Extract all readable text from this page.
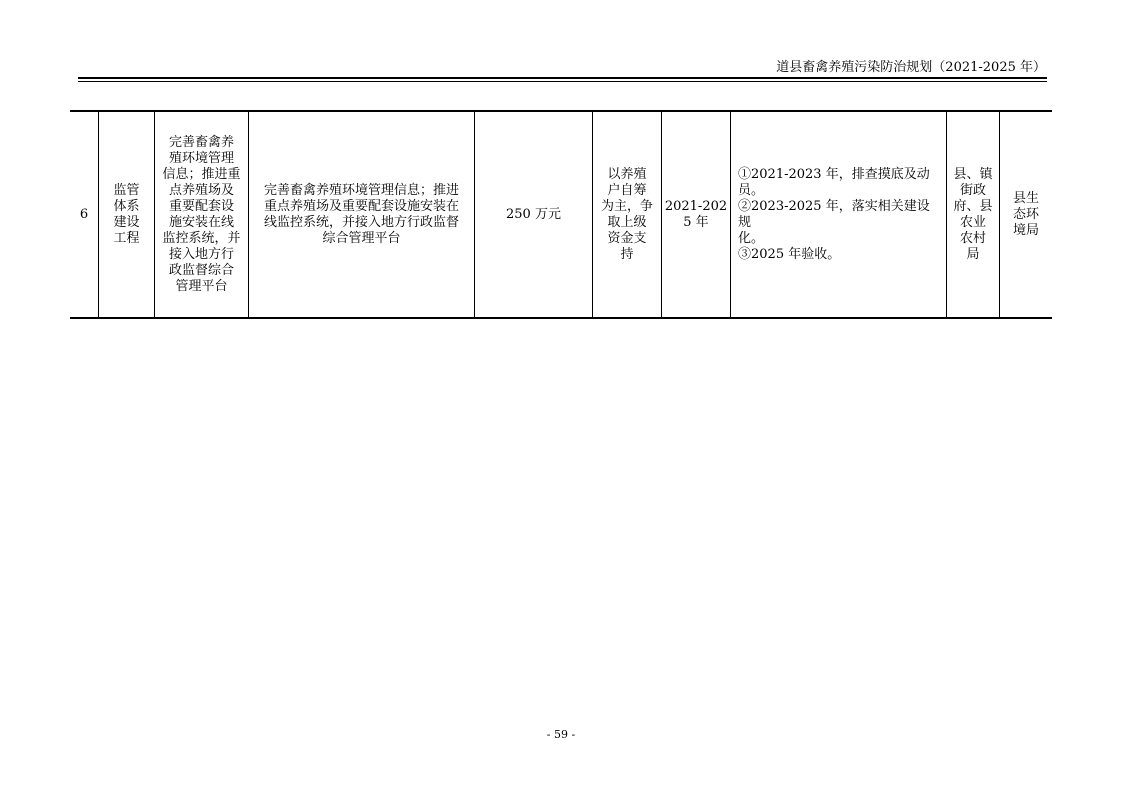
道县畜禽养殖污染防治规划（2021-2025 年）
6
监管
体系
建设
工程
完善畜禽养
殖环境管理
信息；推进重
点养殖场及
重要配套设
施安装在线
监控系统，并
接入地方行
政监督综合
管理平台
完善畜禽养殖环境管理信息；推进
重点养殖场及重要配套设施安装在
线监控系统，并接入地方行政监督
综合管理平台
250 万元
以养殖
户自筹
为主，争
取上级
资金支
持
2021-202
5 年
①2021-2023 年，排查摸底及动
员。
②2023-2025 年，落实相关建设规
化。
③2025 年验收。
县、镇
街政
府、县
农业
农村
局
县生
态环
境局
- 59 -
